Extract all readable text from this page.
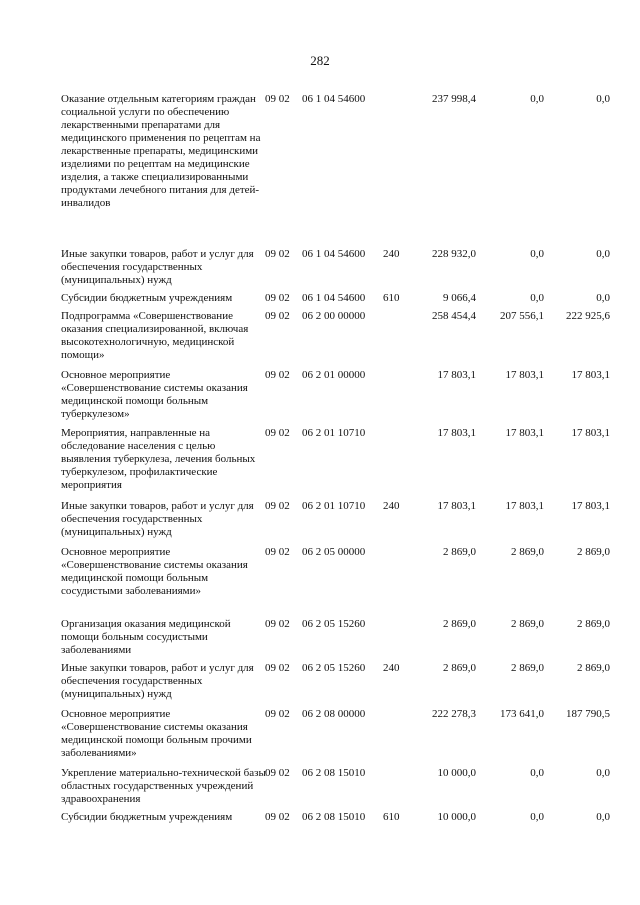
282
Оказание отдельным категориям граждан социальной услуги по обеспечению лекарственными препаратами для медицинского применения по рецептам на лекарственные препараты, медицинскими изделиями по рецептам на медицинские изделия, а также специализированными продуктами лечебного питания для детей-инвалидов
09 02	06 1 04 54600	237 998,4	0,0	0,0
Иные закупки товаров, работ и услуг для обеспечения государственных (муниципальных) нужд
09 02	06 1 04 54600	240	228 932,0	0,0	0,0
Субсидии бюджетным учреждениям	09 02	06 1 04 54600	610	9 066,4	0,0	0,0
Подпрограмма «Совершенствование оказания специализированной, включая высокотехнологичную, медицинской помощи»
09 02	06 2 00 00000	258 454,4	207 556,1	222 925,6
Основное мероприятие «Совершенствование системы оказания медицинской помощи больным туберкулезом»
09 02	06 2 01 00000	17 803,1	17 803,1	17 803,1
Мероприятия, направленные на обследование населения с целью выявления туберкулеза, лечения больных туберкулезом, профилактические мероприятия
09 02	06 2 01 10710	17 803,1	17 803,1	17 803,1
Иные закупки товаров, работ и услуг для обеспечения государственных (муниципальных) нужд
09 02	06 2 01 10710	240	17 803,1	17 803,1	17 803,1
Основное мероприятие «Совершенствование системы оказания медицинской помощи больным сосудистыми заболеваниями»
09 02	06 2 05 00000	2 869,0	2 869,0	2 869,0
Организация оказания медицинской помощи больным сосудистыми заболеваниями
09 02	06 2 05 15260	2 869,0	2 869,0	2 869,0
Иные закупки товаров, работ и услуг для обеспечения государственных (муниципальных) нужд
09 02	06 2 05 15260	240	2 869,0	2 869,0	2 869,0
Основное мероприятие «Совершенствование системы оказания медицинской помощи больным прочими заболеваниями»
09 02	06 2 08 00000	222 278,3	173 641,0	187 790,5
Укрепление материально-технической базы областных государственных учреждений здравоохранения
09 02	06 2 08 15010	10 000,0	0,0	0,0
Субсидии бюджетным учреждениям	09 02	06 2 08 15010	610	10 000,0	0,0	0,0
